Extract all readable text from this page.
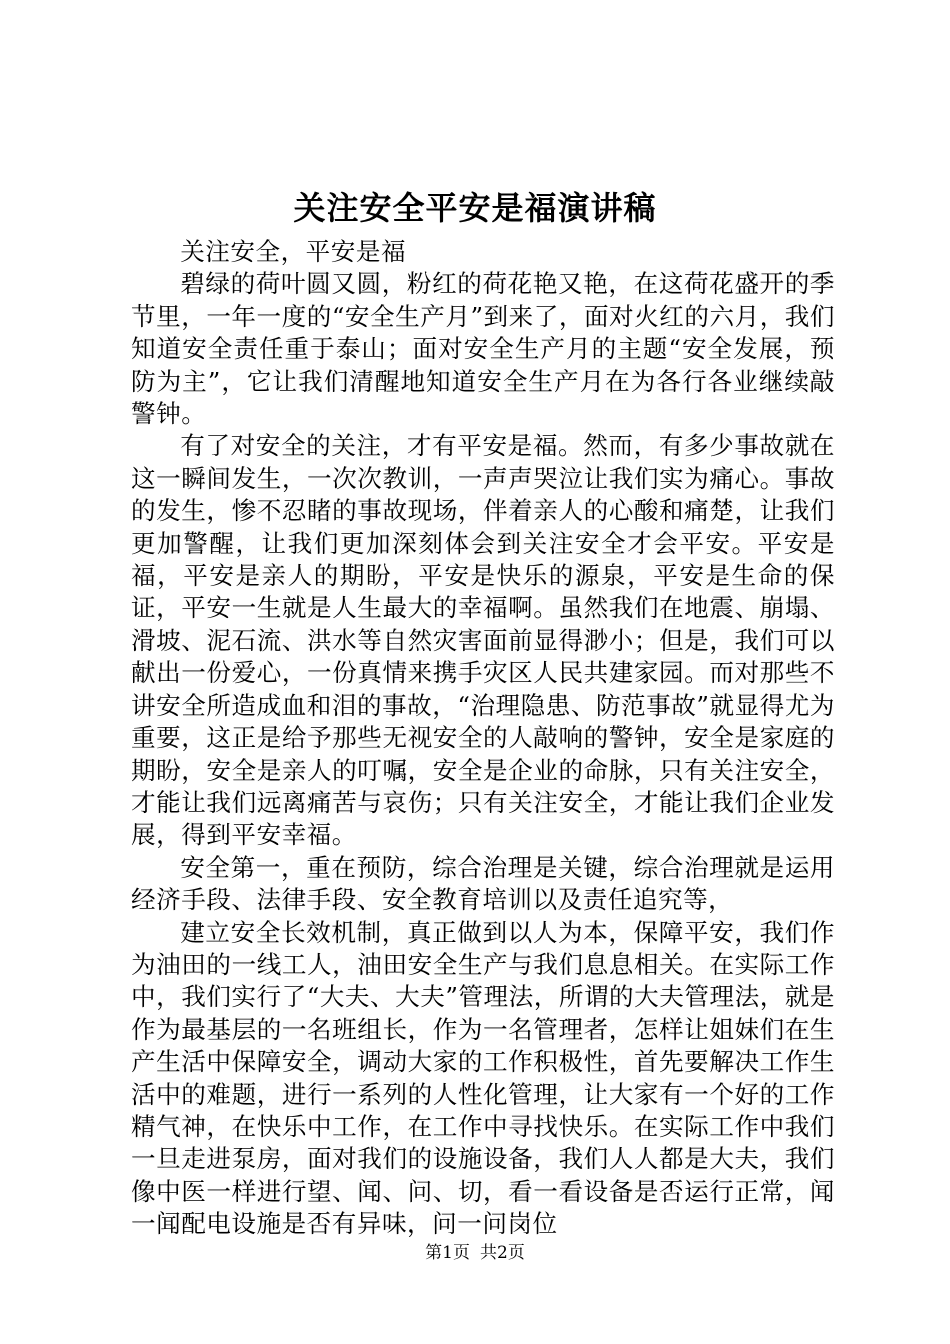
关注安全平安是福演讲稿

关注安全，平安是福

碧绿的荷叶圆又圆，粉红的荷花艳又艳，在这荷花盛开的季节里，一年一度的“安全生产月”到来了，面对火红的六月，我们知道安全责任重于泰山；面对安全生产月的主题“安全发展，预防为主”，它让我们清醒地知道安全生产月在为各行各业继续敲警钟。

有了对安全的关注，才有平安是福。然而，有多少事故就在这一瞬间发生，一次次教训，一声声哭泣让我们实为痛心。事故的发生，惨不忍睹的事故现场，伴着亲人的心酸和痛楚，让我们更加警醒，让我们更加深刻体会到关注安全才会平安。平安是福，平安是亲人的期盼，平安是快乐的源泉，平安是生命的保证，平安一生就是人生最大的幸福啊。虽然我们在地震、崩塌、滑坡、泥石流、洪水等自然灾害面前显得渺小；但是，我们可以献出一份爱心，一份真情来携手灾区人民共建家园。而对那些不讲安全所造成血和泪的事故，“治理隐患、防范事故”就显得尤为重要，这正是给予那些无视安全的人敲响的警钟，安全是家庭的期盼，安全是亲人的叮嘱，安全是企业的命脉，只有关注安全，才能让我们远离痛苦与哀伤；只有关注安全，才能让我们企业发展，得到平安幸福。

安全第一，重在预防，综合治理是关键，综合治理就是运用经济手段、法律手段、安全教育培训以及责任追究等，

建立安全长效机制，真正做到以人为本，保障平安，我们作为油田的一线工人，油田安全生产与我们息息相关。在实际工作中，我们实行了“大夫、大夫”管理法，所谓的大夫管理法，就是作为最基层的一名班组长，作为一名管理者，怎样让姐妹们在生产生活中保障安全，调动大家的工作积极性，首先要解决工作生活中的难题，进行一系列的人性化管理，让大家有一个好的工作精气神，在快乐中工作，在工作中寻找快乐。在实际工作中我们一旦走进泵房，面对我们的设施设备，我们人人都是大夫，我们像中医一样进行望、闻、问、切，看一看设备是否运行正常，闻一闻配电设施是否有异味，问一问岗位

第1页 共2页
